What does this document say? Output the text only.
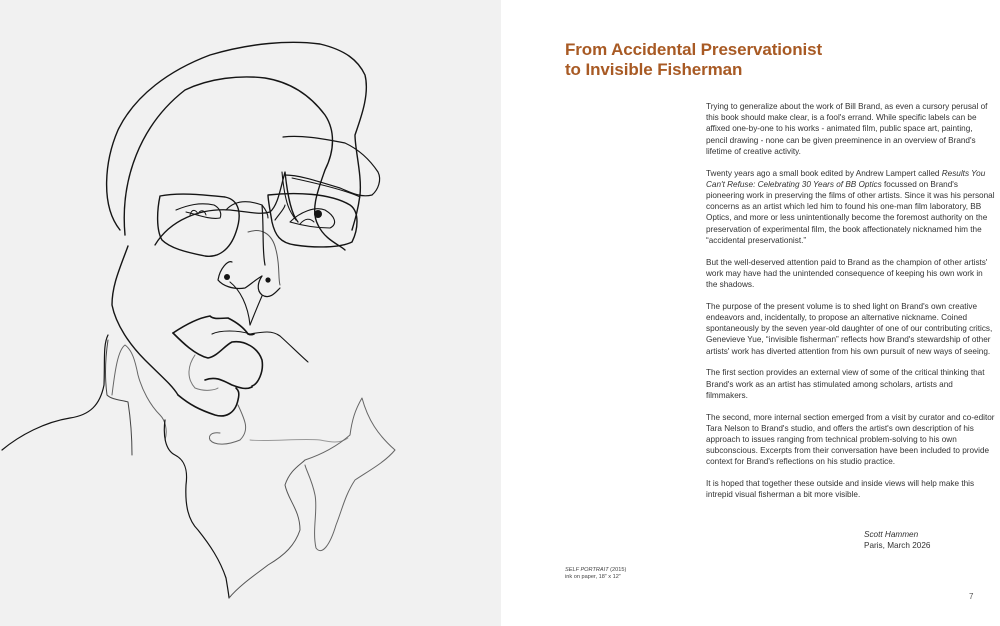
From Accidental Preservationist
to Invisible Fisherman

Trying to generalize about the work of Bill Brand, as even a cursory perusal of this book should make clear, is a fool's errand. While specific labels can be affixed one-by-one to his works - animated film, public space art, painting, pencil drawing - none can be given preeminence in an overview of Brand's lifetime of creative activity.

Twenty years ago a small book edited by Andrew Lampert called Results You Can't Refuse: Celebrating 30 Years of BB Optics focussed on Brand's pioneering work in preserving the films of other artists. Since it was his personal concerns as an artist which led him to found his one-man film laboratory, BB Optics, and more or less unintentionally become the foremost authority on the preservation of experimental film, the book affectionately nicknamed him the “accidental preservationist.”

But the well-deserved attention paid to Brand as the champion of other artists' work may have had the unintended consequence of keeping his own work in the shadows.

The purpose of the present volume is to shed light on Brand's own creative endeavors and, incidentally, to propose an alternative nickname. Coined spontaneously by the seven year-old daughter of one of our contributing critics, Genevieve Yue, “invisible fisherman” reflects how Brand's stewardship of other artists' work has diverted attention from his own pursuit of new ways of seeing.

The first section provides an external view of some of the critical thinking that Brand's work as an artist has stimulated among scholars, artists and filmmakers.

The second, more internal section emerged from a visit by curator and co-editor Tara Nelson to Brand's studio, and offers the artist's own description of his approach to issues ranging from technical problem-solving to his own subconscious. Excerpts from their conversation have been included to provide context for Brand's reflections on his studio practice.

It is hoped that together these outside and inside views will help make this intrepid visual fisherman a bit more visible.

Scott Hammen
Paris, March 2026
SELF PORTRAIT (2015)
ink on paper, 18” x 12”
7
